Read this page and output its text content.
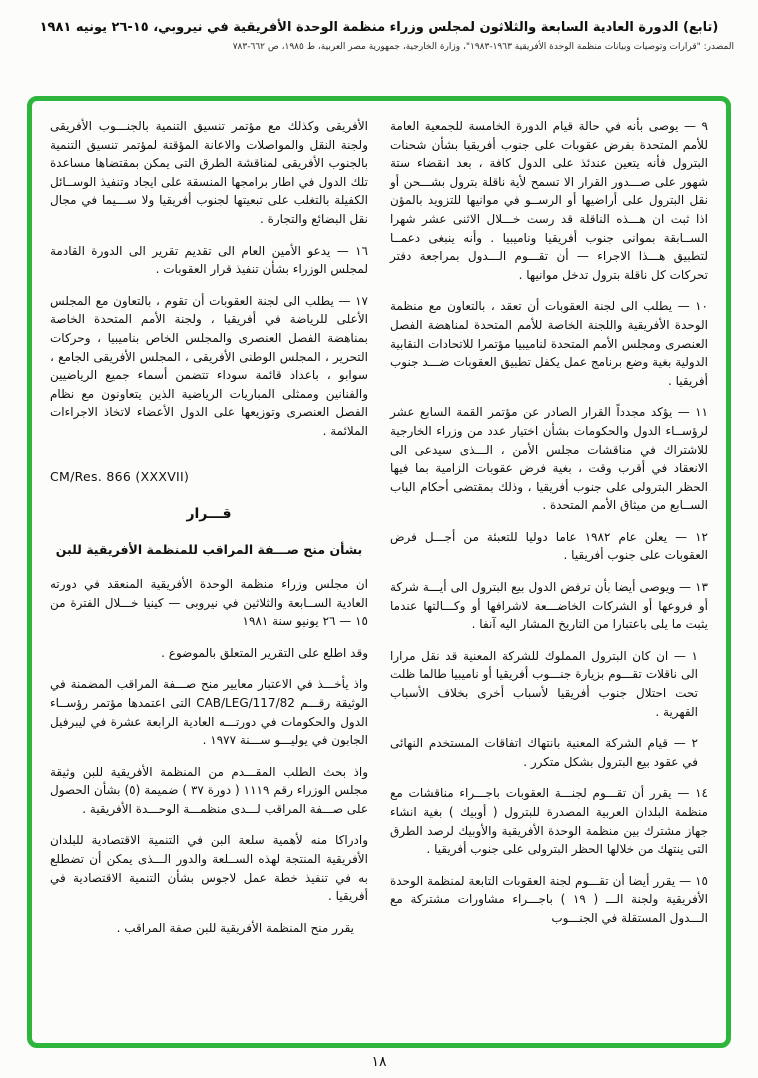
(تابع) الدورة العادية السابعة والثلاثون لمجلس وزراء منظمة الوحدة الأفريقية في نيروبي، ١٥-٢٦ يونيه ١٩٨١
المصدر: "قرارات وتوصيات وبيانات منظمة الوحدة الأفريقية ١٩٦٣-١٩٨٣"، وزارة الخارجية، جمهورية مصر العربية، ط ١٩٨٥، ص ٦٦٢-٧٨٣

٩ — يوصى بأنه في حالة قيام الدورة الخامسة للجمعية العامة للأمم المتحدة بفرض عقوبات على جنوب أفريقيا بشأن شحنات البترول فأنه يتعين عندئذ على الدول كافة ، بعد انقضاء ستة شهور على صـــدور القرار الا تسمح لأية ناقلة بترول بشـــحن أو نقل البترول على أراضيها أو الرســو في موانيها للتزويد بالمؤن اذا ثبت ان هـــذه الناقلة قد رست خـــلال الاثنى عشر شهرا الســابقة بموانى جنوب أفريقيا وناميبيا . وأنه ينبغى دعمــا لتطبيق هـــذا الاجراء — أن تقـــوم الـــدول بمراجعة دفتر تحركات كل ناقلة بترول تدخل موانيها .

١٠ — يطلب الى لجنة العقوبات أن تعقد ، بالتعاون مع منظمة الوحدة الأفريقية واللجنة الخاصة للأمم المتحدة لمناهضة الفصل العنصرى ومجلس الأمم المتحدة لناميبيا مؤتمرا للاتحادات النقابية الدولية بغية وضع برنامج عمل يكفل تطبيق العقوبات ضـــد جنوب أفريقيا .

١١ — يؤكد مجدداً القرار الصادر عن مؤتمر القمة السابع عشر لرؤســاء الدول والحكومات بشأن اختيار عدد من وزراء الخارجية للاشتراك في مناقشات مجلس الأمن ، الـــذى سيدعى الى الانعقاد في أقرب وقت ، بغية فرض عقوبات الزامية بما فيها الحظر البترولى على جنوب أفريقيا ، وذلك بمقتضى أحكام الباب الســابع من ميثاق الأمم المتحدة .

١٢ — يعلن عام ١٩٨٢ عاما دوليا للتعبئة من أجـــل فرض العقوبات على جنوب أفريقيا .

١٣ — ويوصى أيضا بأن ترفض الدول بيع البترول الى أيـــة شركة أو فروعها أو الشركات الخاضـــعة لاشرافها أو وكـــالتها عندما يثبت ما يلى باعتبارا من التاريخ المشار اليه آنفا .

١ — ان كان البترول المملوك للشركة المعنية قد نقل مرارا الى ناقلات تقـــوم بزيارة جنـــوب أفريقيا أو ناميبيا طالما ظلت تحت احتلال جنوب أفريقيا لأسباب أخرى بخلاف الأسباب القهرية .

٢ — قيام الشركة المعنية بانتهاك اتفاقات المستخدم النهائى في عقود بيع البترول بشكل متكرر .

١٤ — يقرر أن تقـــوم لجنـــة العقوبات باجـــراء مناقشات مع منظمة البلدان العربية المصدرة للبترول ( أوبيك ) بغية انشاء جهاز مشترك بين منظمة الوحدة الأفريقية والأوبيك لرصد الطرق التى ينتهك من خلالها الحظر البترولى على جنوب أفريقيا .

١٥ — يقرر أيضا أن تقـــوم لجنة العقوبات التابعة لمنظمة الوحدة الأفريقية ولجنة الـــ ( ١٩ ) باجـــراء مشاورات مشتركة مع الـــدول المستقلة في الجنـــوب

الأفريقى وكذلك مع مؤتمر تنسيق التنمية بالجنـــوب الأفريقى ولجنة النقل والمواصلات والاعانة المؤقتة لمؤتمر تنسيق التنمية بالجنوب الأفريقى لمناقشة الطرق التى يمكن بمقتضاها مساعدة تلك الدول في اطار برامجها المنسقة على ايجاد وتنفيذ الوســائل الكفيلة بالتغلب على تبعيتها لجنوب أفريقيا ولا ســـيما في مجال نقل البضائع والتجارة .

١٦ — يدعو الأمين العام الى تقديم تقرير الى الدورة القادمة لمجلس الوزراء بشأن تنفيذ قرار العقوبات .

١٧ — يطلب الى لجنة العقوبات أن تقوم ، بالتعاون مع المجلس الأعلى للرياضة في أفريقيا ، ولجنة الأمم المتحدة الخاصة بمناهضة الفصل العنصرى والمجلس الخاص بناميبيا ، وحركات التحرير ، المجلس الوطنى الأفريقى ، المجلس الأفريقى الجامع ، سوابو ، باعداد قائمة سوداء تتضمن أسماء جميع الرياضيين والفنانين وممثلى المباريات الرياضية الذين يتعاونون مع نظام الفصل العنصرى وتوزيعها على الدول الأعضاء لاتخاذ الاجراءات الملائمة .

CM/Res. 866 (XXXVII)

قـــرار
بشأن منح صـــفة المراقب للمنظمة الأفريقية للبن

ان مجلس وزراء منظمة الوحدة الأفريقية المنعقد في دورته العادية الســابعة والثلاثين في نيروبى — كينيا خـــلال الفترة من ١٥ — ٢٦ يونيو سنة ١٩٨١

وقد اطلع على التقرير المتعلق بالموضوع .

واذ يأخـــذ في الاعتبار معايير منح صـــفة المراقب المضمنة في الوثيقة رقـــم CAB/LEG/117/82 التى اعتمدها مؤتمر رؤســاء الدول والحكومات في دورتـــه العادية الرابعة عشرة في ليبرفيل الجابون في يوليـــو ســـنة ١٩٧٧ .

واذ بحث الطلب المقـــدم من المنظمة الأفريقية للبن وثيقة مجلس الوزراء رقم ١١١٩ ( دورة ٣٧ ) ضميمة (٥) بشأن الحصول على صـــفة المراقب لـــدى منظمـــة الوحـــدة الأفريقية .

وادراكا منه لأهمية سلعة البن في التنمية الاقتصادية للبلدان الأفريقية المنتجة لهذه الســلعة والدور الـــذى يمكن أن تضطلع به في تنفيذ خطة عمل لاجوس بشأن التنمية الاقتصادية في أفريقيا .

يقرر منح المنظمة الأفريقية للبن صفة المراقب .

١٨
